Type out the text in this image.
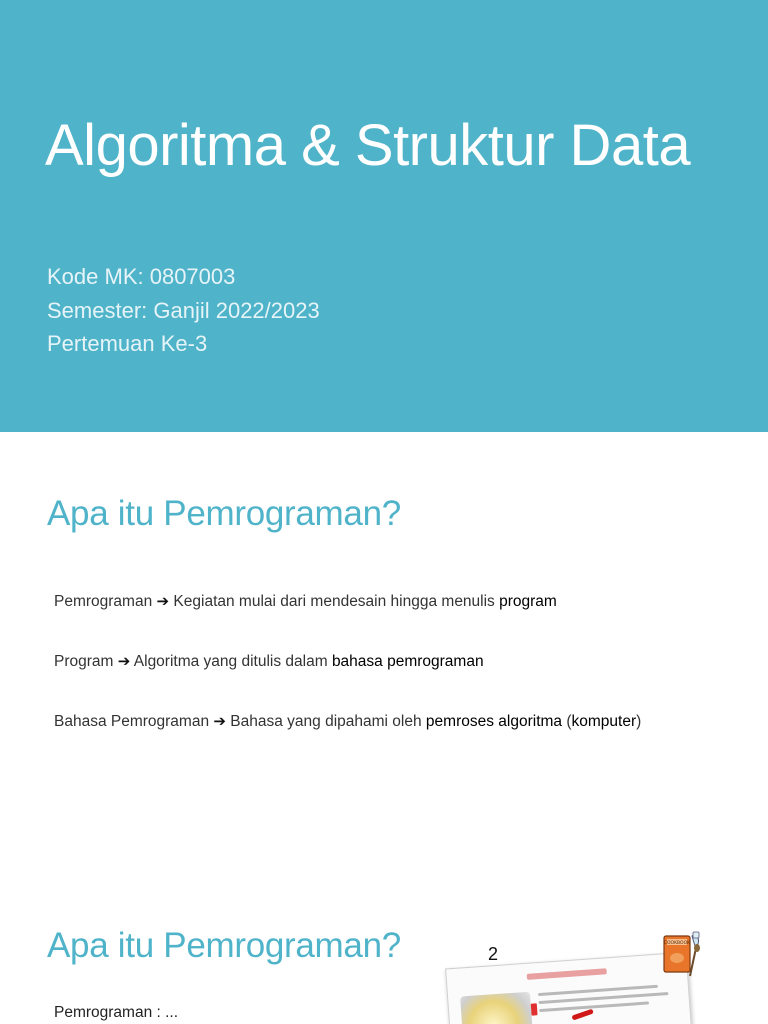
Algoritma & Struktur Data
Kode MK: 0807003
Semester: Ganjil 2022/2023
Pertemuan Ke-3
Apa itu Pemrograman?
Pemrograman ➔ Kegiatan mulai dari mendesain hingga menulis program
Program ➔ Algoritma yang ditulis dalam bahasa pemrograman
Bahasa Pemrograman ➔ Bahasa yang dipahami oleh pemroses algoritma (komputer)
Apa itu Pemrograman?	2
Pemrograman : ...
COOKBOOK
